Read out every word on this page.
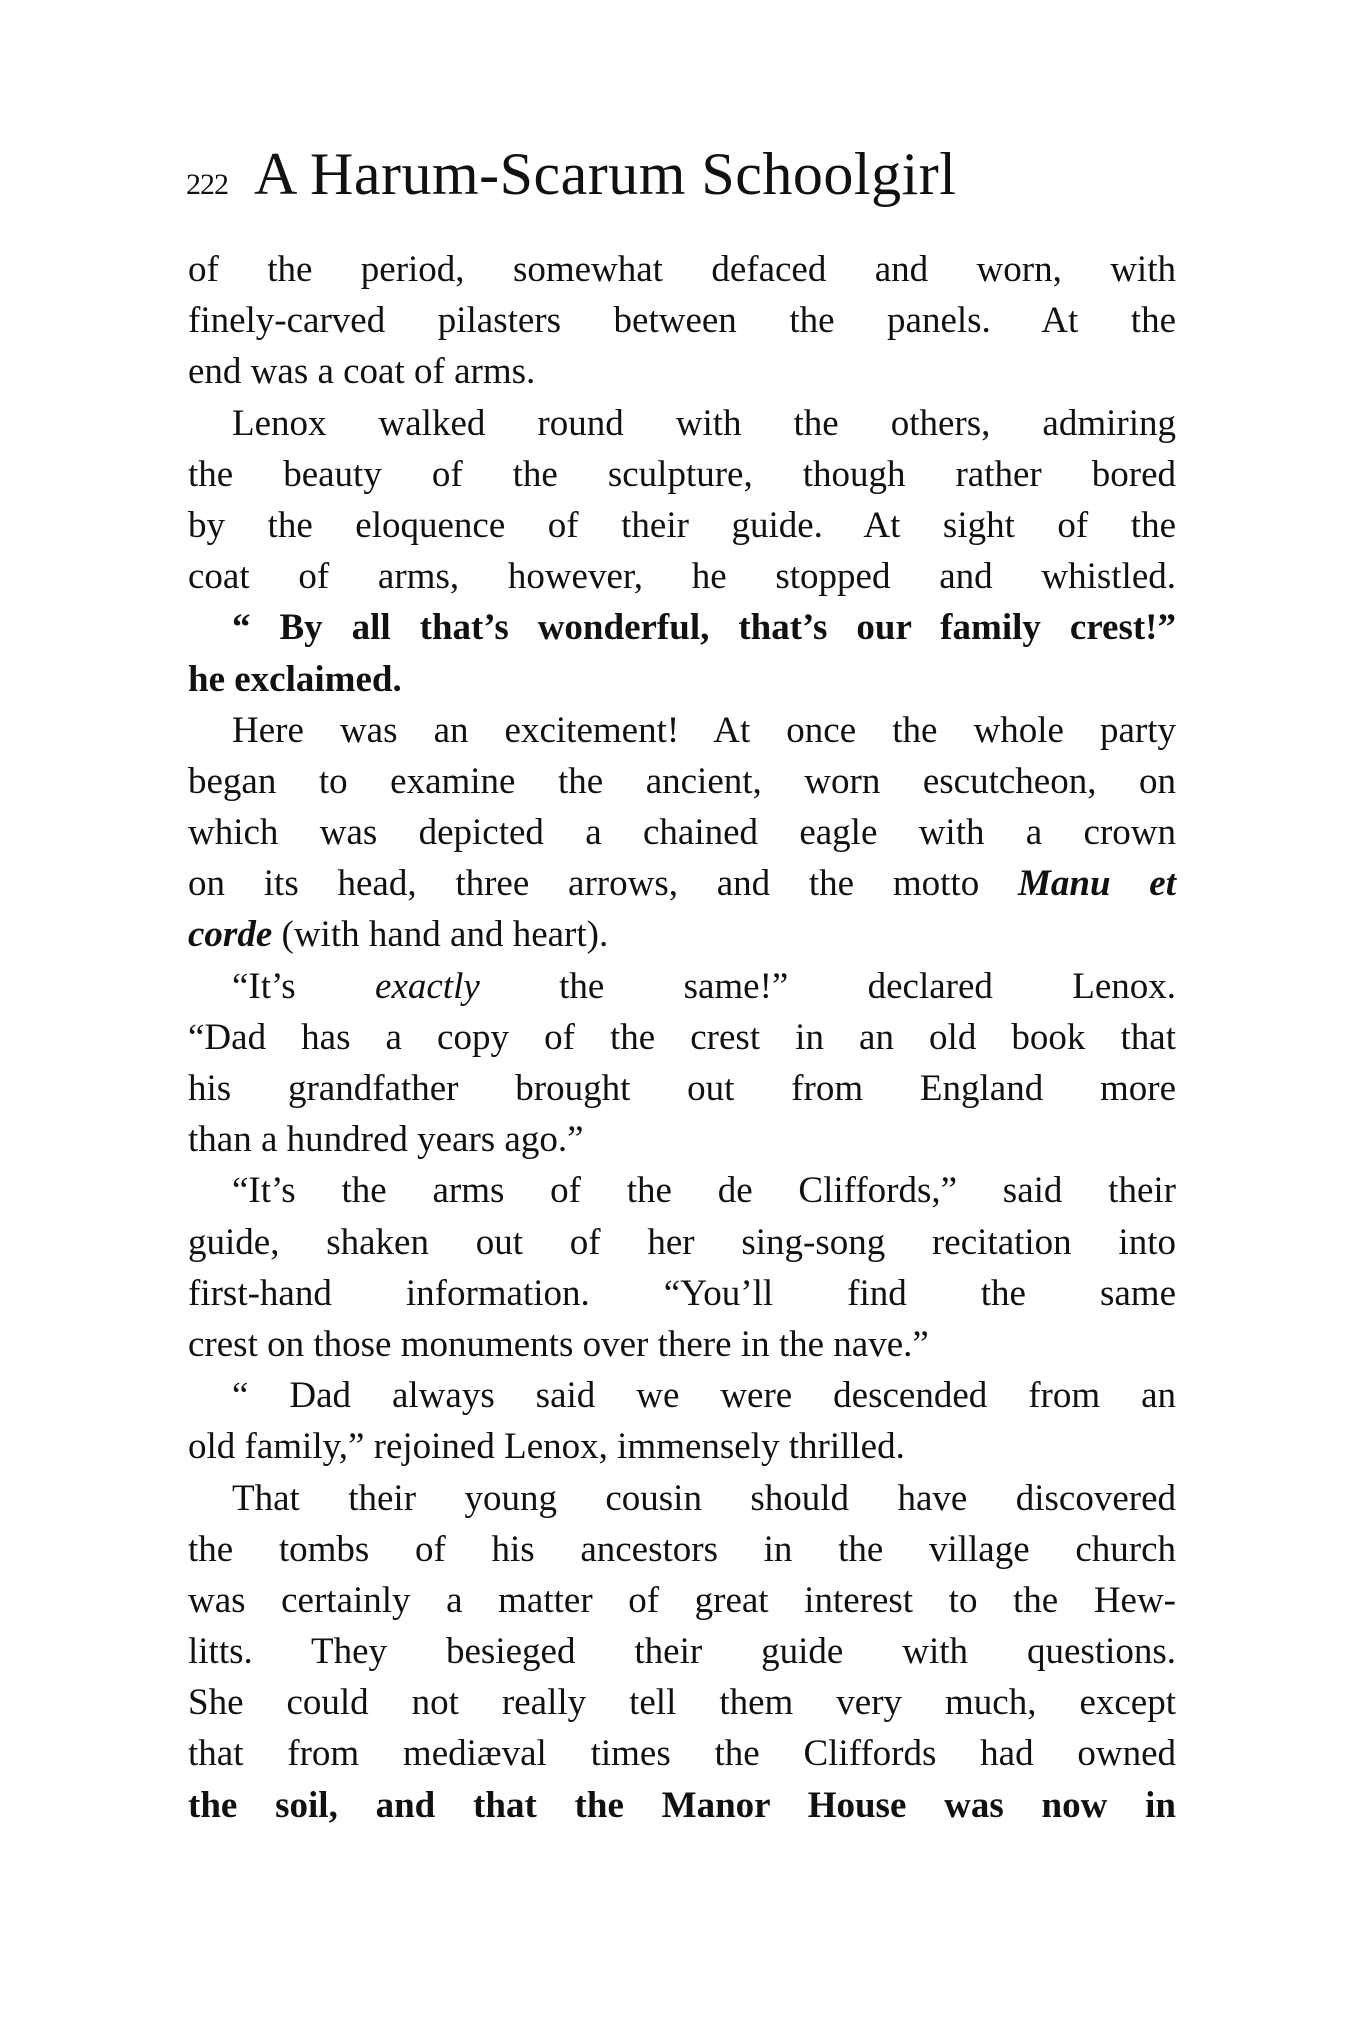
222 A Harum-Scarum Schoolgirl
of the period, somewhat defaced and worn, with
finely-carved pilasters between the panels. At the
end was a coat of arms.
Lenox walked round with the others, admiring
the beauty of the sculpture, though rather bored
by the eloquence of their guide. At sight of the
coat of arms, however, he stopped and whistled.
“ By all that’s wonderful, that’s our family crest!”
he exclaimed.
Here was an excitement! At once the whole party
began to examine the ancient, worn escutcheon, on
which was depicted a chained eagle with a crown
on its head, three arrows, and the motto Manu et
corde (with hand and heart).
“It’s exactly the same!” declared Lenox.
“Dad has a copy of the crest in an old book that
his grandfather brought out from England more
than a hundred years ago.”
“It’s the arms of the de Cliffords,” said their
guide, shaken out of her sing-song recitation into
first-hand information. “You’ll find the same
crest on those monuments over there in the nave.”
“ Dad always said we were descended from an
old family,” rejoined Lenox, immensely thrilled.
That their young cousin should have discovered
the tombs of his ancestors in the village church
was certainly a matter of great interest to the Hew-
litts. They besieged their guide with questions.
She could not really tell them very much, except
that from mediæval times the Cliffords had owned
the soil, and that the Manor House was now in
